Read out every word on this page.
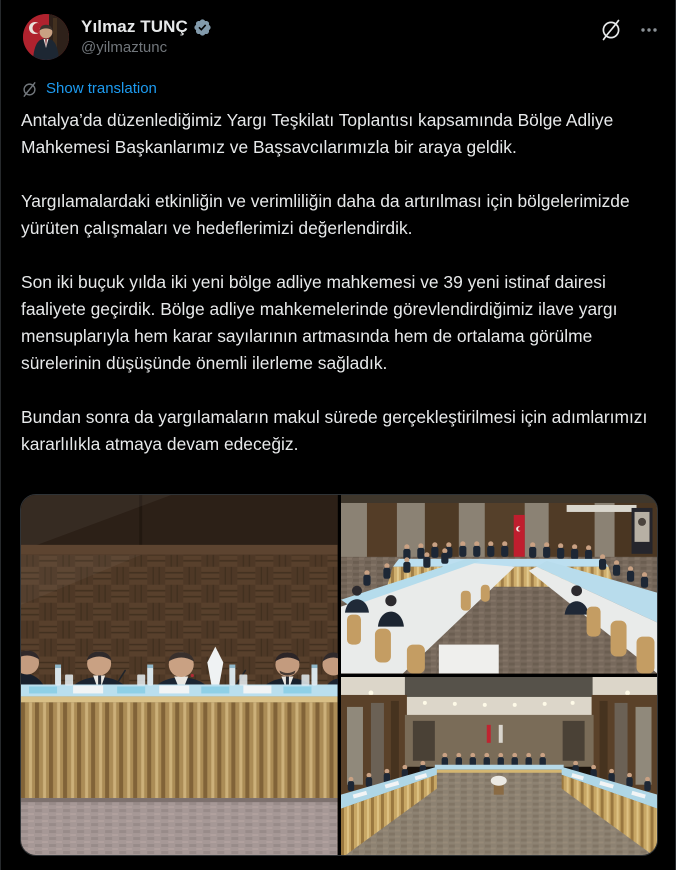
Yılmaz TUNÇ
@yilmaztunc
Show translation

Antalya’da düzenlediğimiz Yargı Teşkilatı Toplantısı kapsamında Bölge Adliye Mahkemesi Başkanlarımız ve Başsavcılarımızla bir araya geldik.

Yargılamalardaki etkinliğin ve verimliliğin daha da artırılması için bölgelerimizde yürüten çalışmaları ve hedeflerimizi değerlendirdik.

Son iki buçuk yılda iki yeni bölge adliye mahkemesi ve 39 yeni istinaf dairesi faaliyete geçirdik. Bölge adliye mahkemelerinde görevlendirdiğimiz ilave yargı mensuplarıyla hem karar sayılarının artmasında hem de ortalama görülme sürelerinin düşüşünde önemli ilerleme sağladık.

Bundan sonra da yargılamaların makul sürede gerçekleştirilmesi için adımlarımızı kararlılıkla atmaya devam edeceğiz.
